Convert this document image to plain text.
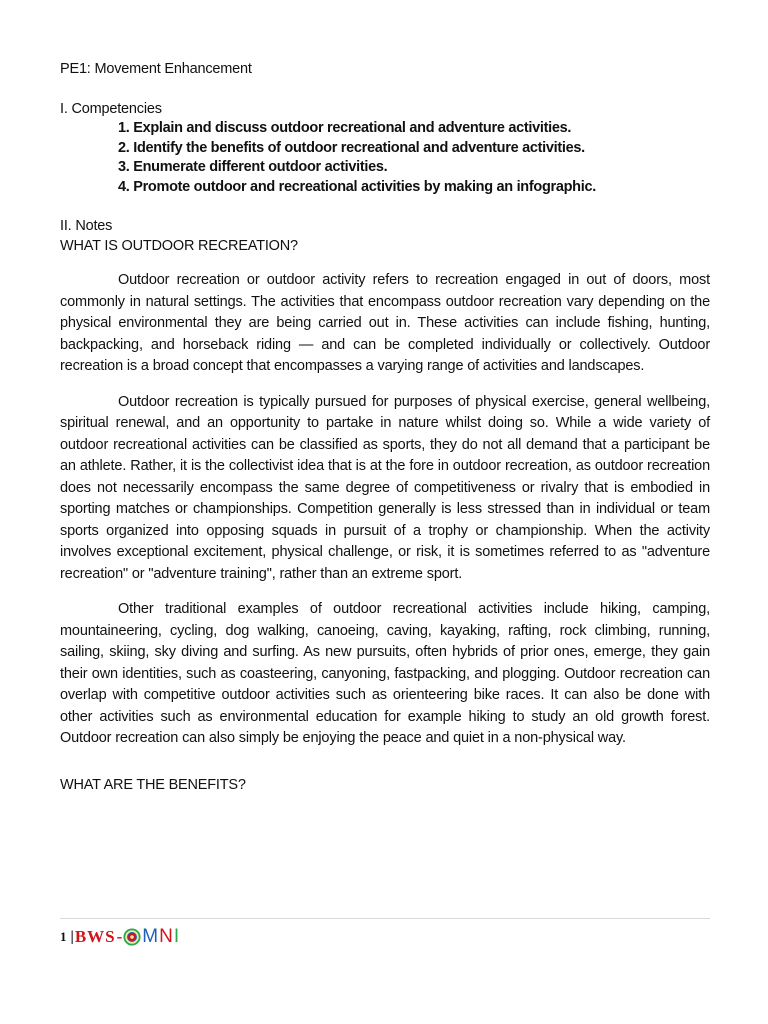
PE1: Movement Enhancement
I. Competencies
1. Explain and discuss outdoor recreational and adventure activities.
2. Identify the benefits of outdoor recreational and adventure activities.
3. Enumerate different outdoor activities.
4. Promote outdoor and recreational activities by making an infographic.
II. Notes
WHAT IS OUTDOOR RECREATION?
Outdoor recreation or outdoor activity refers to recreation engaged in out of doors, most commonly in natural settings. The activities that encompass outdoor recreation vary depending on the physical environmental they are being carried out in. These activities can include fishing, hunting, backpacking, and horseback riding — and can be completed individually or collectively. Outdoor recreation is a broad concept that encompasses a varying range of activities and landscapes.
Outdoor recreation is typically pursued for purposes of physical exercise, general wellbeing, spiritual renewal, and an opportunity to partake in nature whilst doing so. While a wide variety of outdoor recreational activities can be classified as sports, they do not all demand that a participant be an athlete. Rather, it is the collectivist idea that is at the fore in outdoor recreation, as outdoor recreation does not necessarily encompass the same degree of competitiveness or rivalry that is embodied in sporting matches or championships. Competition generally is less stressed than in individual or team sports organized into opposing squads in pursuit of a trophy or championship. When the activity involves exceptional excitement, physical challenge, or risk, it is sometimes referred to as "adventure recreation" or "adventure training", rather than an extreme sport.
Other traditional examples of outdoor recreational activities include hiking, camping, mountaineering, cycling, dog walking, canoeing, caving, kayaking, rafting, rock climbing, running, sailing, skiing, sky diving and surfing. As new pursuits, often hybrids of prior ones, emerge, they gain their own identities, such as coasteering, canyoning, fastpacking, and plogging. Outdoor recreation can overlap with competitive outdoor activities such as orienteering bike races. It can also be done with other activities such as environmental education for example hiking to study an old growth forest. Outdoor recreation can also simply be enjoying the peace and quiet in a non-physical way.
WHAT ARE THE BENEFITS?
1 | BWS - M N I
